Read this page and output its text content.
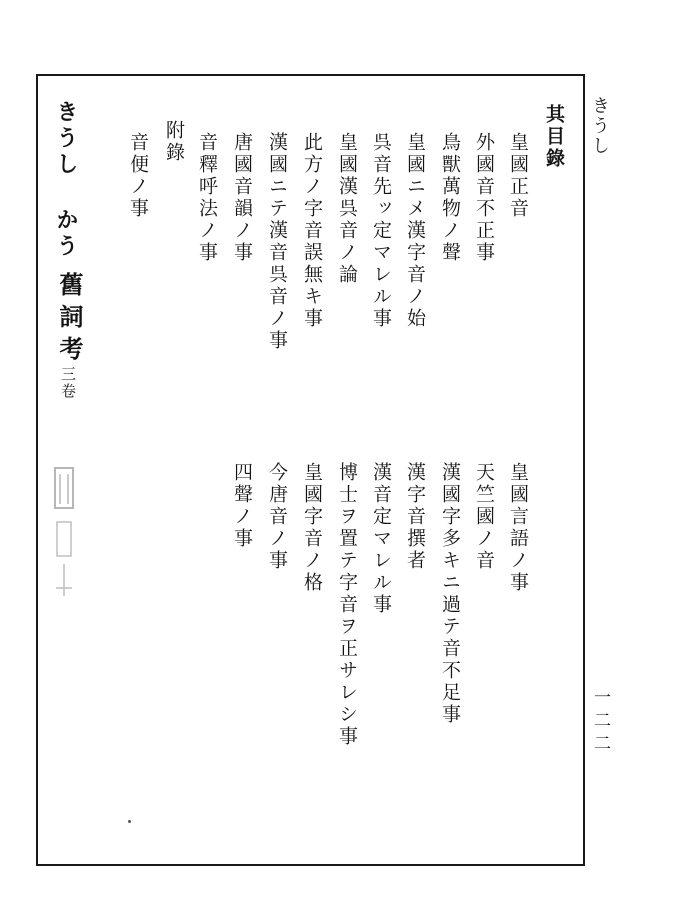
きうし
一二二
きうし かう
舊詞考
三卷
其目錄
皇國正音
外國音不正事
鳥獸萬物ノ聲
皇國ニメ漢字音ノ始
呉音先ッ定マレル事
皇國漢呉音ノ論
此方ノ字音誤無キ事
漢國ニテ漢音呉音ノ事
唐國音韻ノ事
音釋呼法ノ事
附錄
音便ノ事
皇國言語ノ事
天竺國ノ音
漢國字多キニ過テ音不足事
漢字音撰者
漢音定マレル事
博士ヲ置テ字音ヲ正サレシ事
皇國字音ノ格
今唐音ノ事
四聲ノ事
